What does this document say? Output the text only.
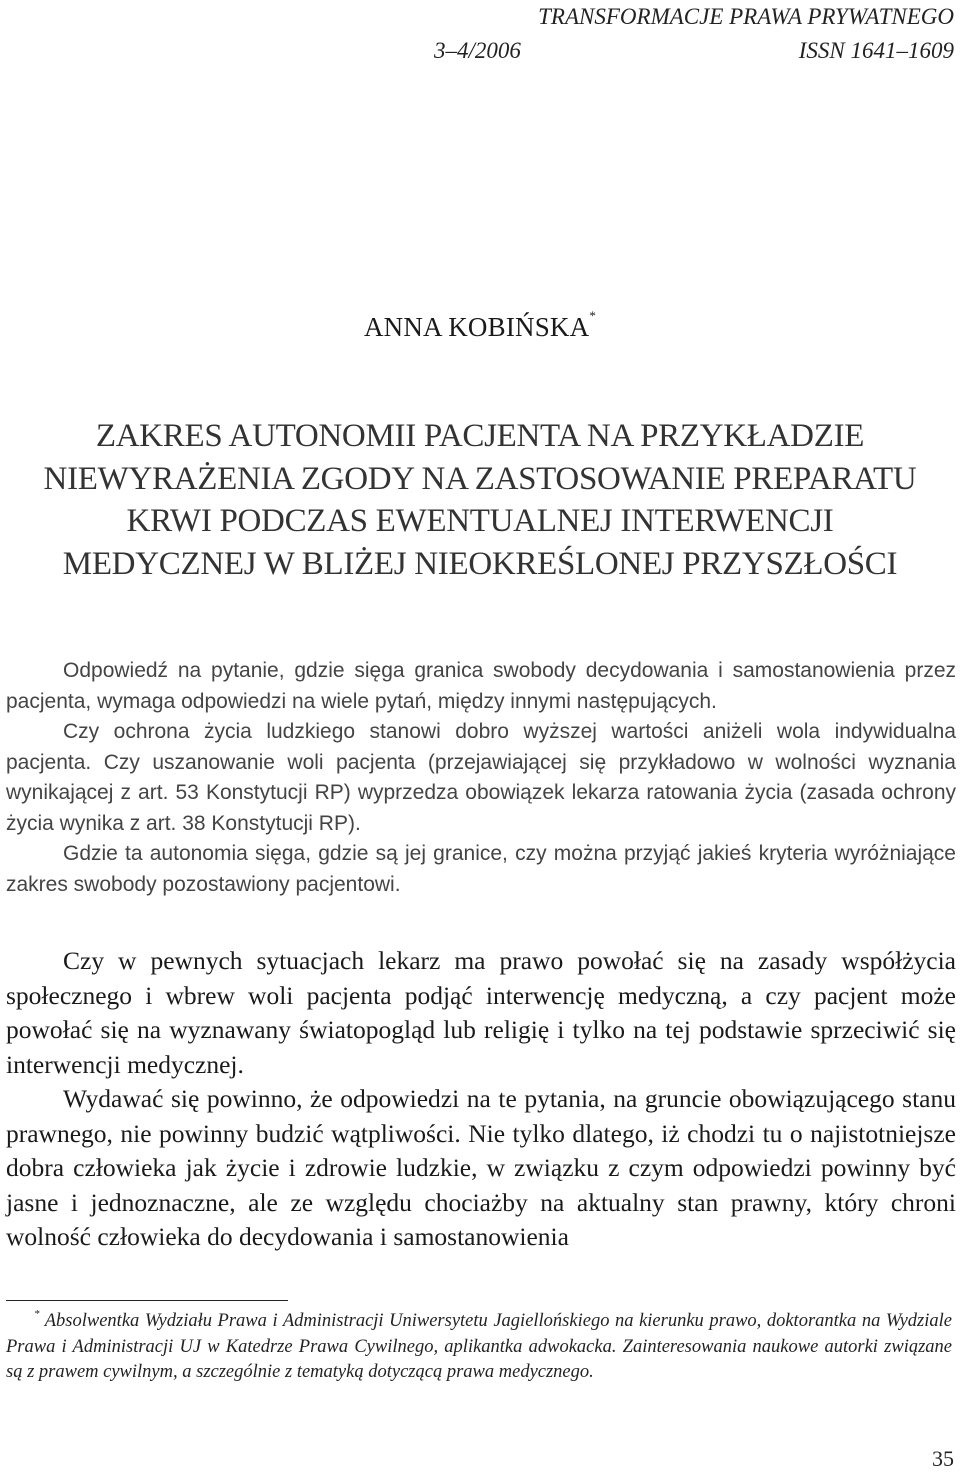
TRANSFORMACJE PRAWA PRYWATNEGO
3–4/2006	ISSN 1641–1609
ANNA KOBIŃSKA*
ZAKRES AUTONOMII PACJENTA NA PRZYKŁADZIE
NIEWYRAŻENIA ZGODY NA ZASTOSOWANIE PREPARATU
KRWI PODCZAS EWENTUALNEJ INTERWENCJI
MEDYCZNEJ W BLIŻEJ NIEOKREŚLONEJ PRZYSZŁOŚCI

Odpowiedź na pytanie, gdzie sięga granica swobody decydowania i samostanowienia przez pacjenta, wymaga odpowiedzi na wiele pytań, między innymi następujących.

Czy ochrona życia ludzkiego stanowi dobro wyższej wartości aniżeli wola indywidualna pacjenta. Czy uszanowanie woli pacjenta (przejawiającej się przykładowo w wolności wyznania wynikającej z art. 53 Konstytucji RP) wyprzedza obowiązek lekarza ratowania życia (zasada ochrony życia wynika z art. 38 Konstytucji RP).

Gdzie ta autonomia sięga, gdzie są jej granice, czy można przyjąć jakieś kryteria wyróżniające zakres swobody pozostawiony pacjentowi.

Czy w pewnych sytuacjach lekarz ma prawo powołać się na zasady współżycia społecznego i wbrew woli pacjenta podjąć interwencję medyczną, a czy pacjent może powołać się na wyznawany światopogląd lub religię i tylko na tej podstawie sprzeciwić się interwencji medycznej.

Wydawać się powinno, że odpowiedzi na te pytania, na gruncie obowiązującego stanu prawnego, nie powinny budzić wątpliwości. Nie tylko dlatego, iż chodzi tu o najistotniejsze dobra człowieka jak życie i zdrowie ludzkie, w związku z czym odpowiedzi powinny być jasne i jednoznaczne, ale ze względu chociażby na aktualny stan prawny, który chroni wolność człowieka do decydowania i samostanowienia

* Absolwentka Wydziału Prawa i Administracji Uniwersytetu Jagiellońskiego na kierunku prawo, doktorantka na Wydziale Prawa i Administracji UJ w Katedrze Prawa Cywilnego, aplikantka adwokacka. Zainteresowania naukowe autorki związane są z prawem cywilnym, a szczególnie z tematyką dotyczącą prawa medycznego.

35
